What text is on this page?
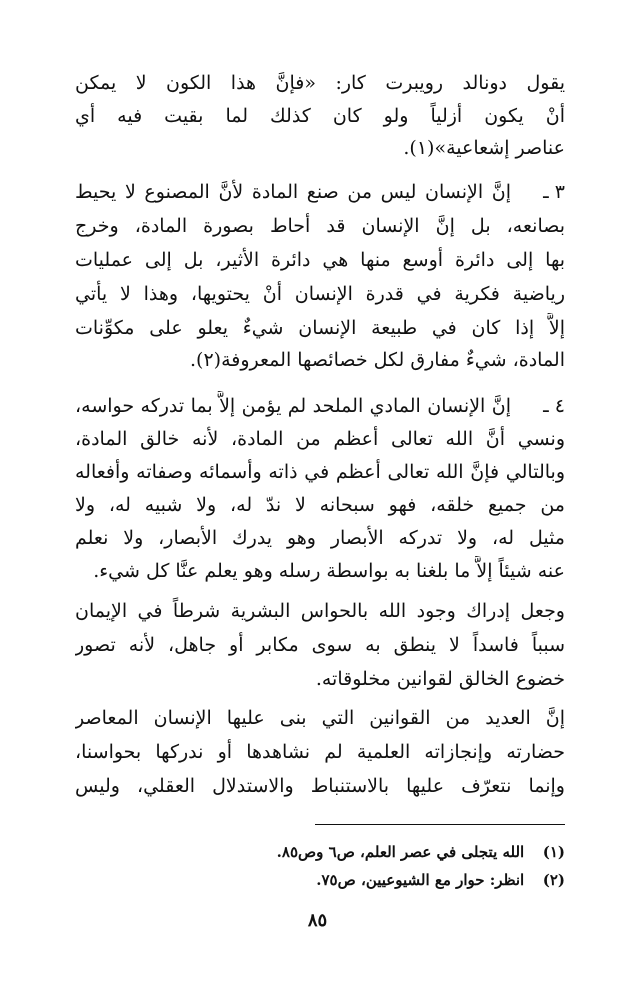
يقول دونالد رويبرت كار: «فإنَّ هذا الكون لا يمكن
أنْ يكون أزلياً ولو كان كذلك لما بقيت فيه أي
عناصر إشعاعية»(١).
٣ ـ
إنَّ الإنسان ليس من صنع المادة لأنَّ المصنوع لا يحيط
بصانعه، بل إنَّ الإنسان قد أحاط بصورة المادة، وخرج
بها إلى دائرة أوسع منها هي دائرة الأثير، بل إلى عمليات
رياضية فكرية في قدرة الإنسان أنْ يحتويها، وهذا لا يأتي
إلاَّ إذا كان في طبيعة الإنسان شيءٌ يعلو على مكوِّنات
المادة، شيءٌ مفارق لكل خصائصها المعروفة(٢).
٤ ـ
إنَّ الإنسان المادي الملحد لم يؤمن إلاَّ بما تدركه حواسه،
ونسي أنَّ الله تعالى أعظم من المادة، لأنه خالق المادة،
وبالتالي فإنَّ الله تعالى أعظم في ذاته وأسمائه وصفاته وأفعاله
من جميع خلقه، فهو سبحانه لا ندّ له، ولا شبيه له، ولا
مثيل له، ولا تدركه الأبصار وهو يدرك الأبصار، ولا نعلم
عنه شيئاً إلاَّ ما بلغنا به بواسطة رسله وهو يعلم عنَّا كل شيء.
وجعل إدراك وجود الله بالحواس البشرية شرطاً في الإيمان
سبباً فاسداً لا ينطق به سوى مكابر أو جاهل، لأنه تصور
خضوع الخالق لقوانين مخلوقاته.
إنَّ العديد من القوانين التي بنى عليها الإنسان المعاصر
حضارته وإنجازاته العلمية لم نشاهدها أو ندركها بحواسنا،
وإنما نتعرّف عليها بالاستنباط والاستدلال العقلي، وليس
(١) الله يتجلى في عصر العلم، ص٦ وص٨٥.
(٢) انظر: حوار مع الشيوعيين، ص٧٥.
٨٥
